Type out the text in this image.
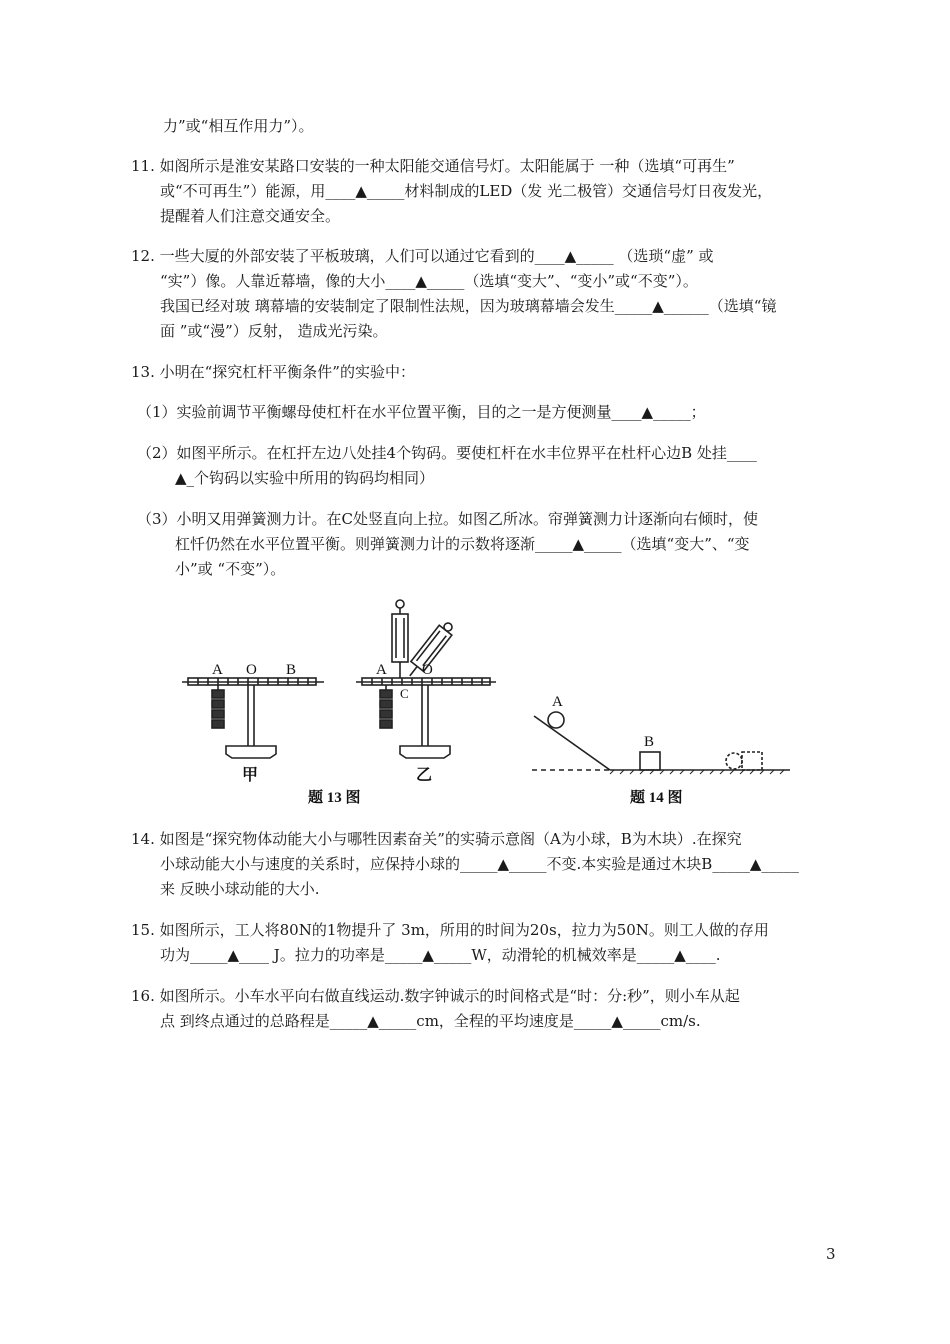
力”或“相互作用力”）。
11. 如阁所示是淮安某路口安装的一种太阳能交通信号灯。太阳能属于 一种（选填“可再生”
或“不可再生”）能源，用____▲_____材料制成的LED（发 光二极管）交通信号灯日夜发光，
提醒着人们注意交通安全。
12. 一些大厦的外部安装了平板玻璃，人们可以通过它看到的____▲_____ （选琐“虚” 或
“实”）像。人靠近幕墙，像的大小____▲_____（选填“变大”、“变小”或“不变”）。
我国已经对玻 璃幕墙的安装制定了限制性法规，因为玻璃幕墙会发生_____▲______（选填“镜
面 ”或“漫”）反射， 造成光污染。
13. 小明在“探究杠杆平衡条件”的实验中：
（1）实验前调节平衡螺母使杠杆在水平位置平衡，目的之一是方便测量____▲_____；
（2）如图平所示。在杠扞左边八处挂4个钩码。要使杠杆在水丰位界平在杜杆心边B 处挂____
▲_个钩码以实验中所用的钩码均相同）
（3）小明又用弹簧测力计。在C处竖直向上拉。如图乙所冰。帘弹簧测力计逐渐向右倾时，使
杠忏仍然在水平位置平衡。则弹簧测力计的示数将逐渐_____▲_____（选填“变大”、“变
小”或 “不变”）。
A O B	A
C
O
甲	乙
题 13 图
A
B
题 14 图
14. 如图是“探究物体动能大小与哪牲因素奋关”的实骑示意阁（A为小球，B为木块）.在探究
小球动能大小与速度的关系时，应保持小球的_____▲_____不变.本实验是通过木块B_____▲_____
来 反映小球动能的大小.
15. 如图所示，工人将80N的1物提升了 3m，所用的时间为20s，拉力为50N。则工人做的存用
功为_____▲____ J。拉力的功率是_____▲_____W，动滑轮的机械效率是_____▲____.
16. 如图所示。小车水平向右做直线运动.数字钟诚示的时间格式是“时：分:秒”，则小车从起
点 到终点通过的总路程是_____▲_____cm，全程的平均速度是_____▲_____cm/s.
3
